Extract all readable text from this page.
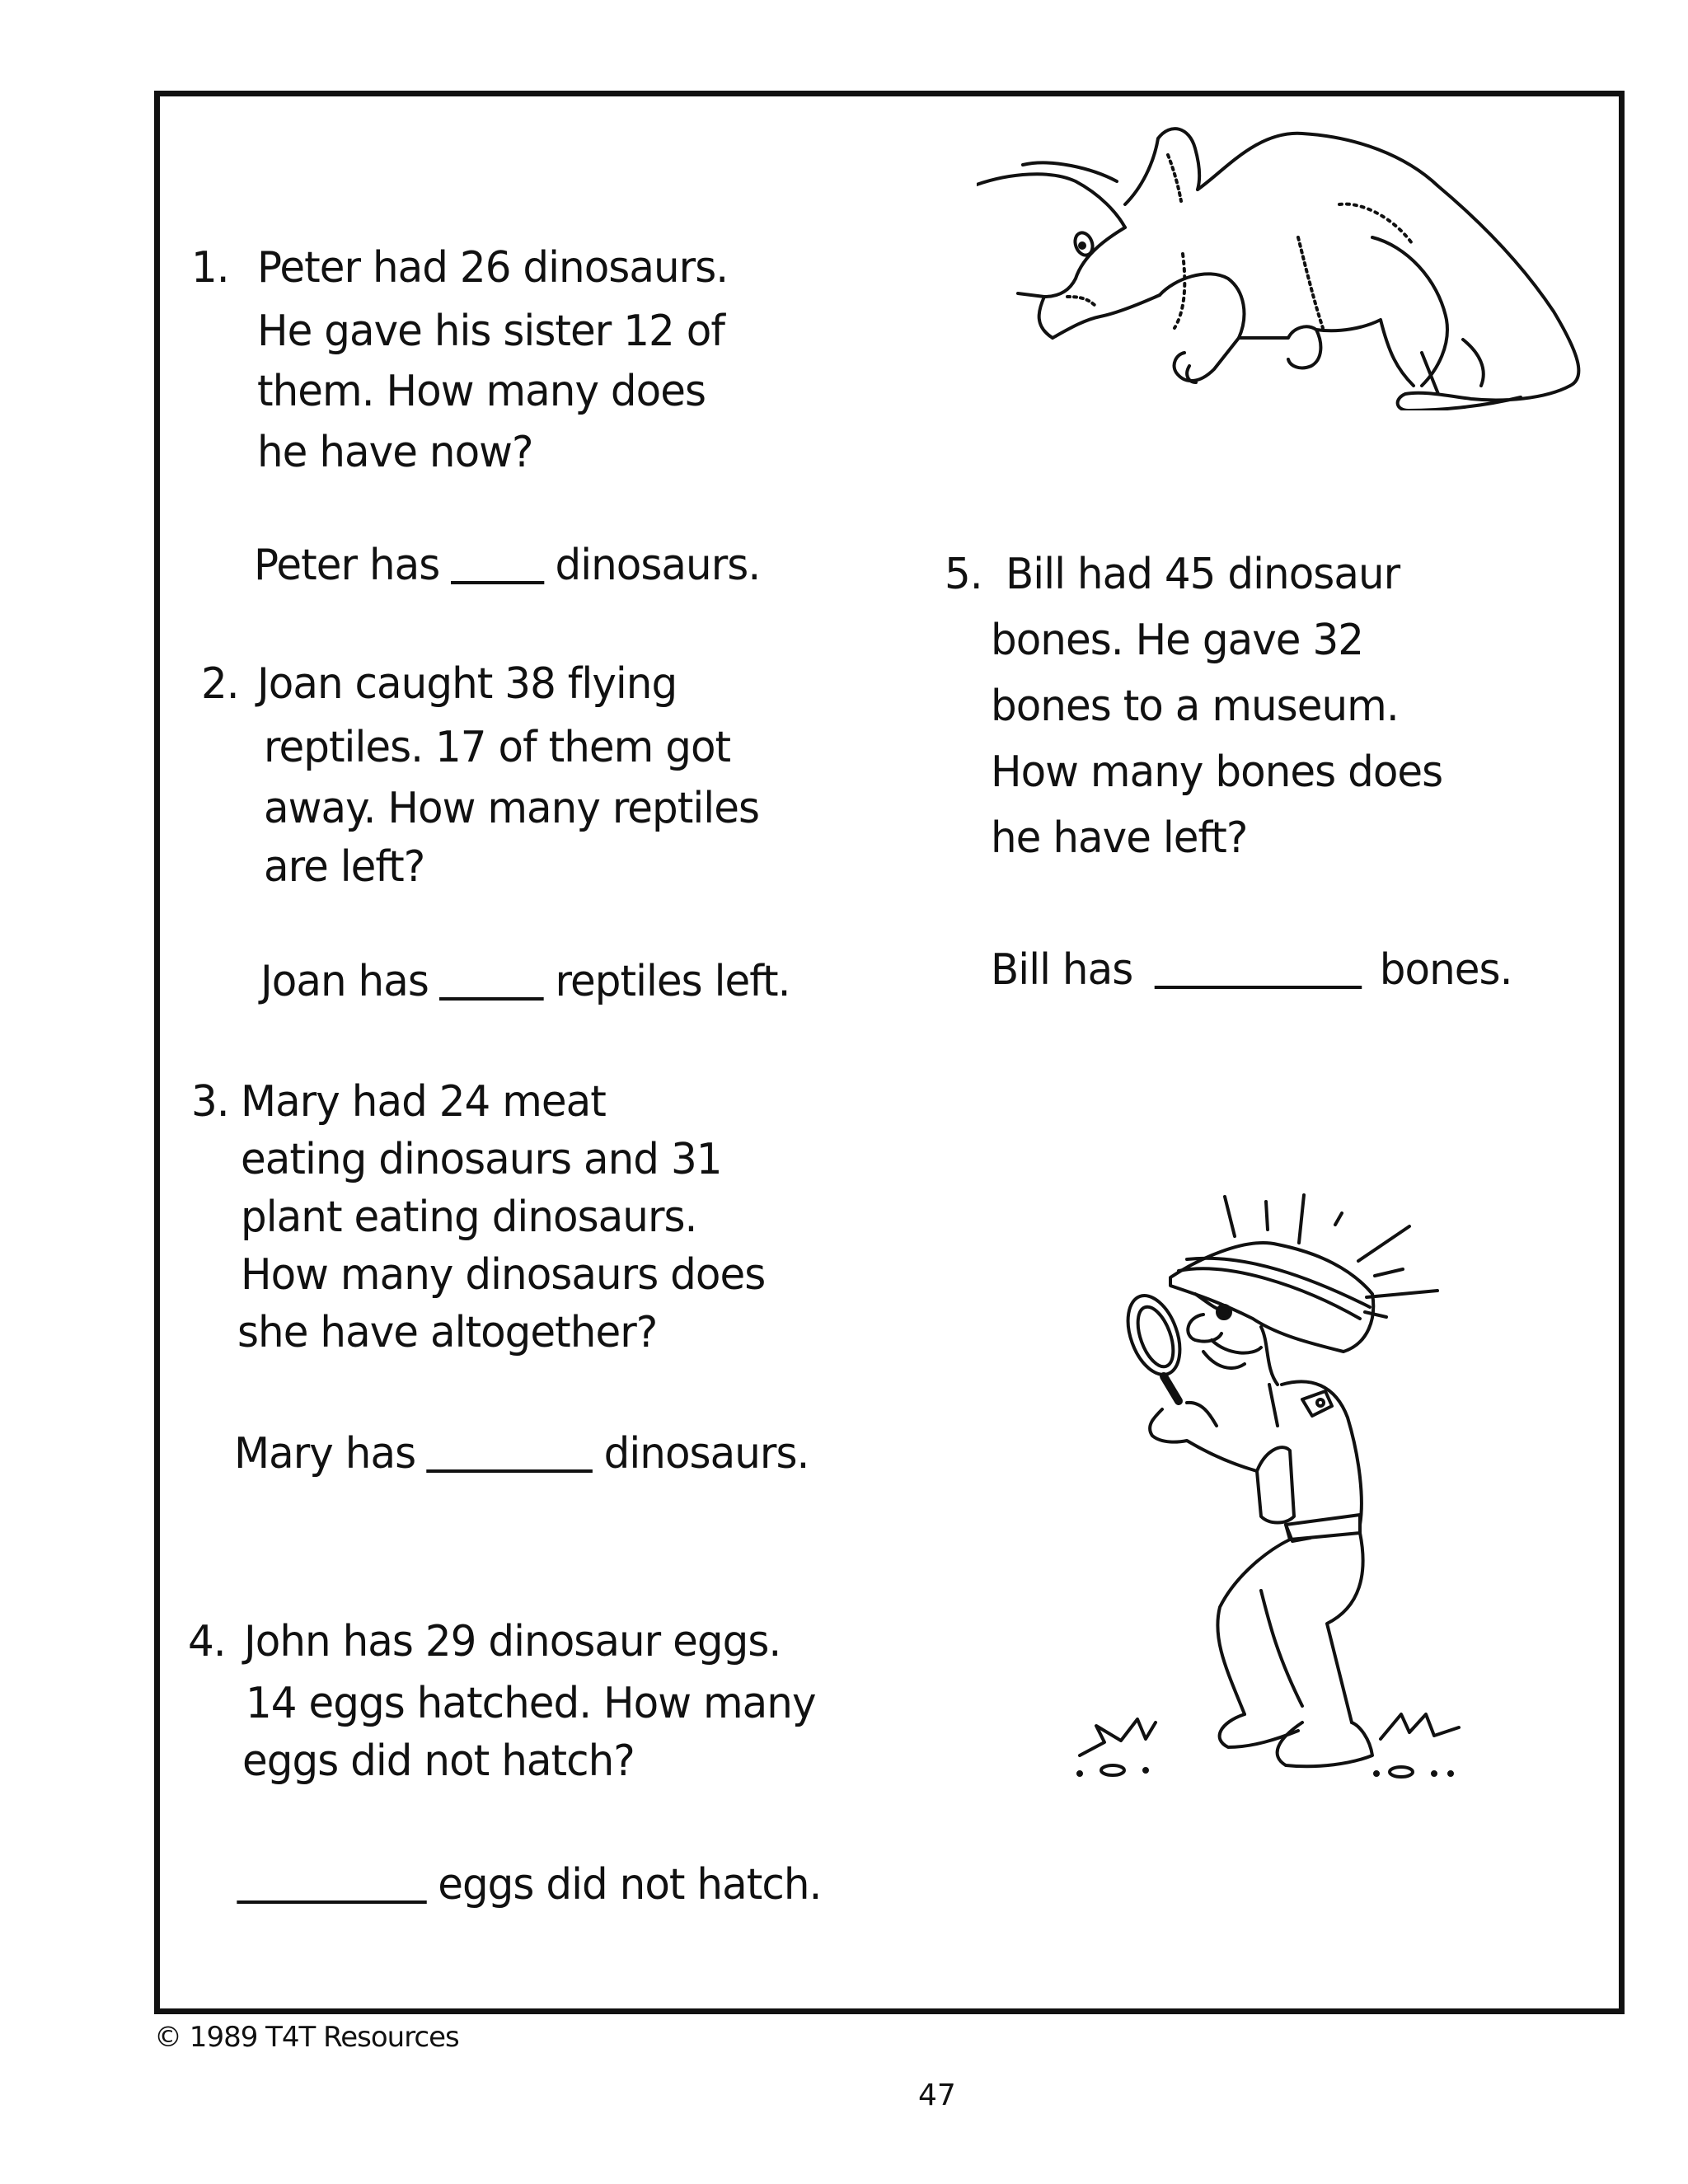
1. Peter had 26 dinosaurs.
He gave his sister 12 of
them. How many does
he have now?
Peter has	dinosaurs.
2. Joan caught 38 flying
reptiles. 17 of them got
away. How many reptiles
are left?
Joan has	reptiles left.
3. Mary had 24 meat
eating dinosaurs and 31
plant eating dinosaurs.
How many dinosaurs does
she have altogether?
Mary has	dinosaurs.
4. John has 29 dinosaur eggs.
14 eggs hatched. How many
eggs did not hatch?
eggs did not hatch.
5. Bill had 45 dinosaur
bones. He gave 32
bones to a museum.
How many bones does
he have left?
Bill has	bones.
© 1989 T4T Resources
47
